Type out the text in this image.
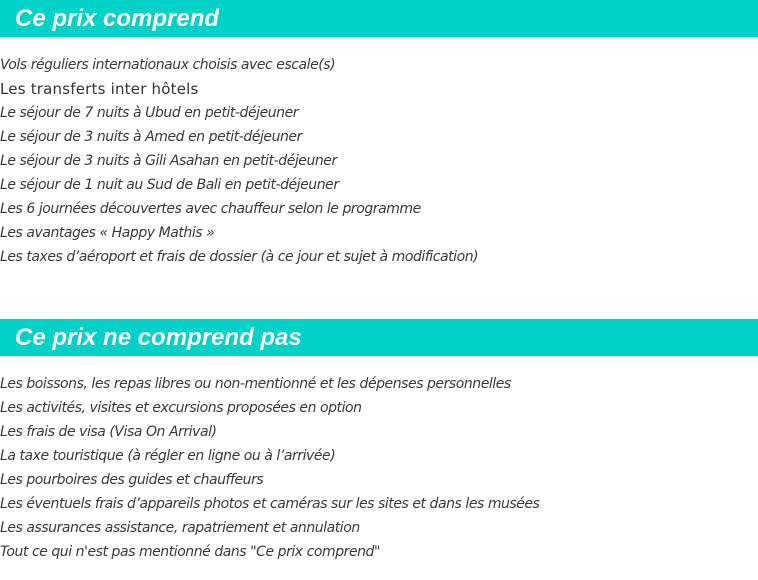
Ce prix comprend
Vols réguliers internationaux choisis avec escale(s)
Les transferts inter hôtels
Le séjour de 7 nuits à Ubud en petit-déjeuner
Le séjour de 3 nuits à Amed en petit-déjeuner
Le séjour de 3 nuits à Gili Asahan en petit-déjeuner
Le séjour de 1 nuit au Sud de Bali en petit-déjeuner
Les 6 journées découvertes avec chauffeur selon le programme
Les avantages « Happy Mathis »
Les taxes d’aéroport et frais de dossier (à ce jour et sujet à modification)
Ce prix ne comprend pas
Les boissons, les repas libres ou non-mentionné et les dépenses personnelles
Les activités, visites et excursions proposées en option
Les frais de visa (Visa On Arrival)
La taxe touristique (à régler en ligne ou à l’arrivée)
Les pourboires des guides et chauffeurs
Les éventuels frais d’appareils photos et caméras sur les sites et dans les musées
Les assurances assistance, rapatriement et annulation
Tout ce qui n'est pas mentionné dans "Ce prix comprend"
